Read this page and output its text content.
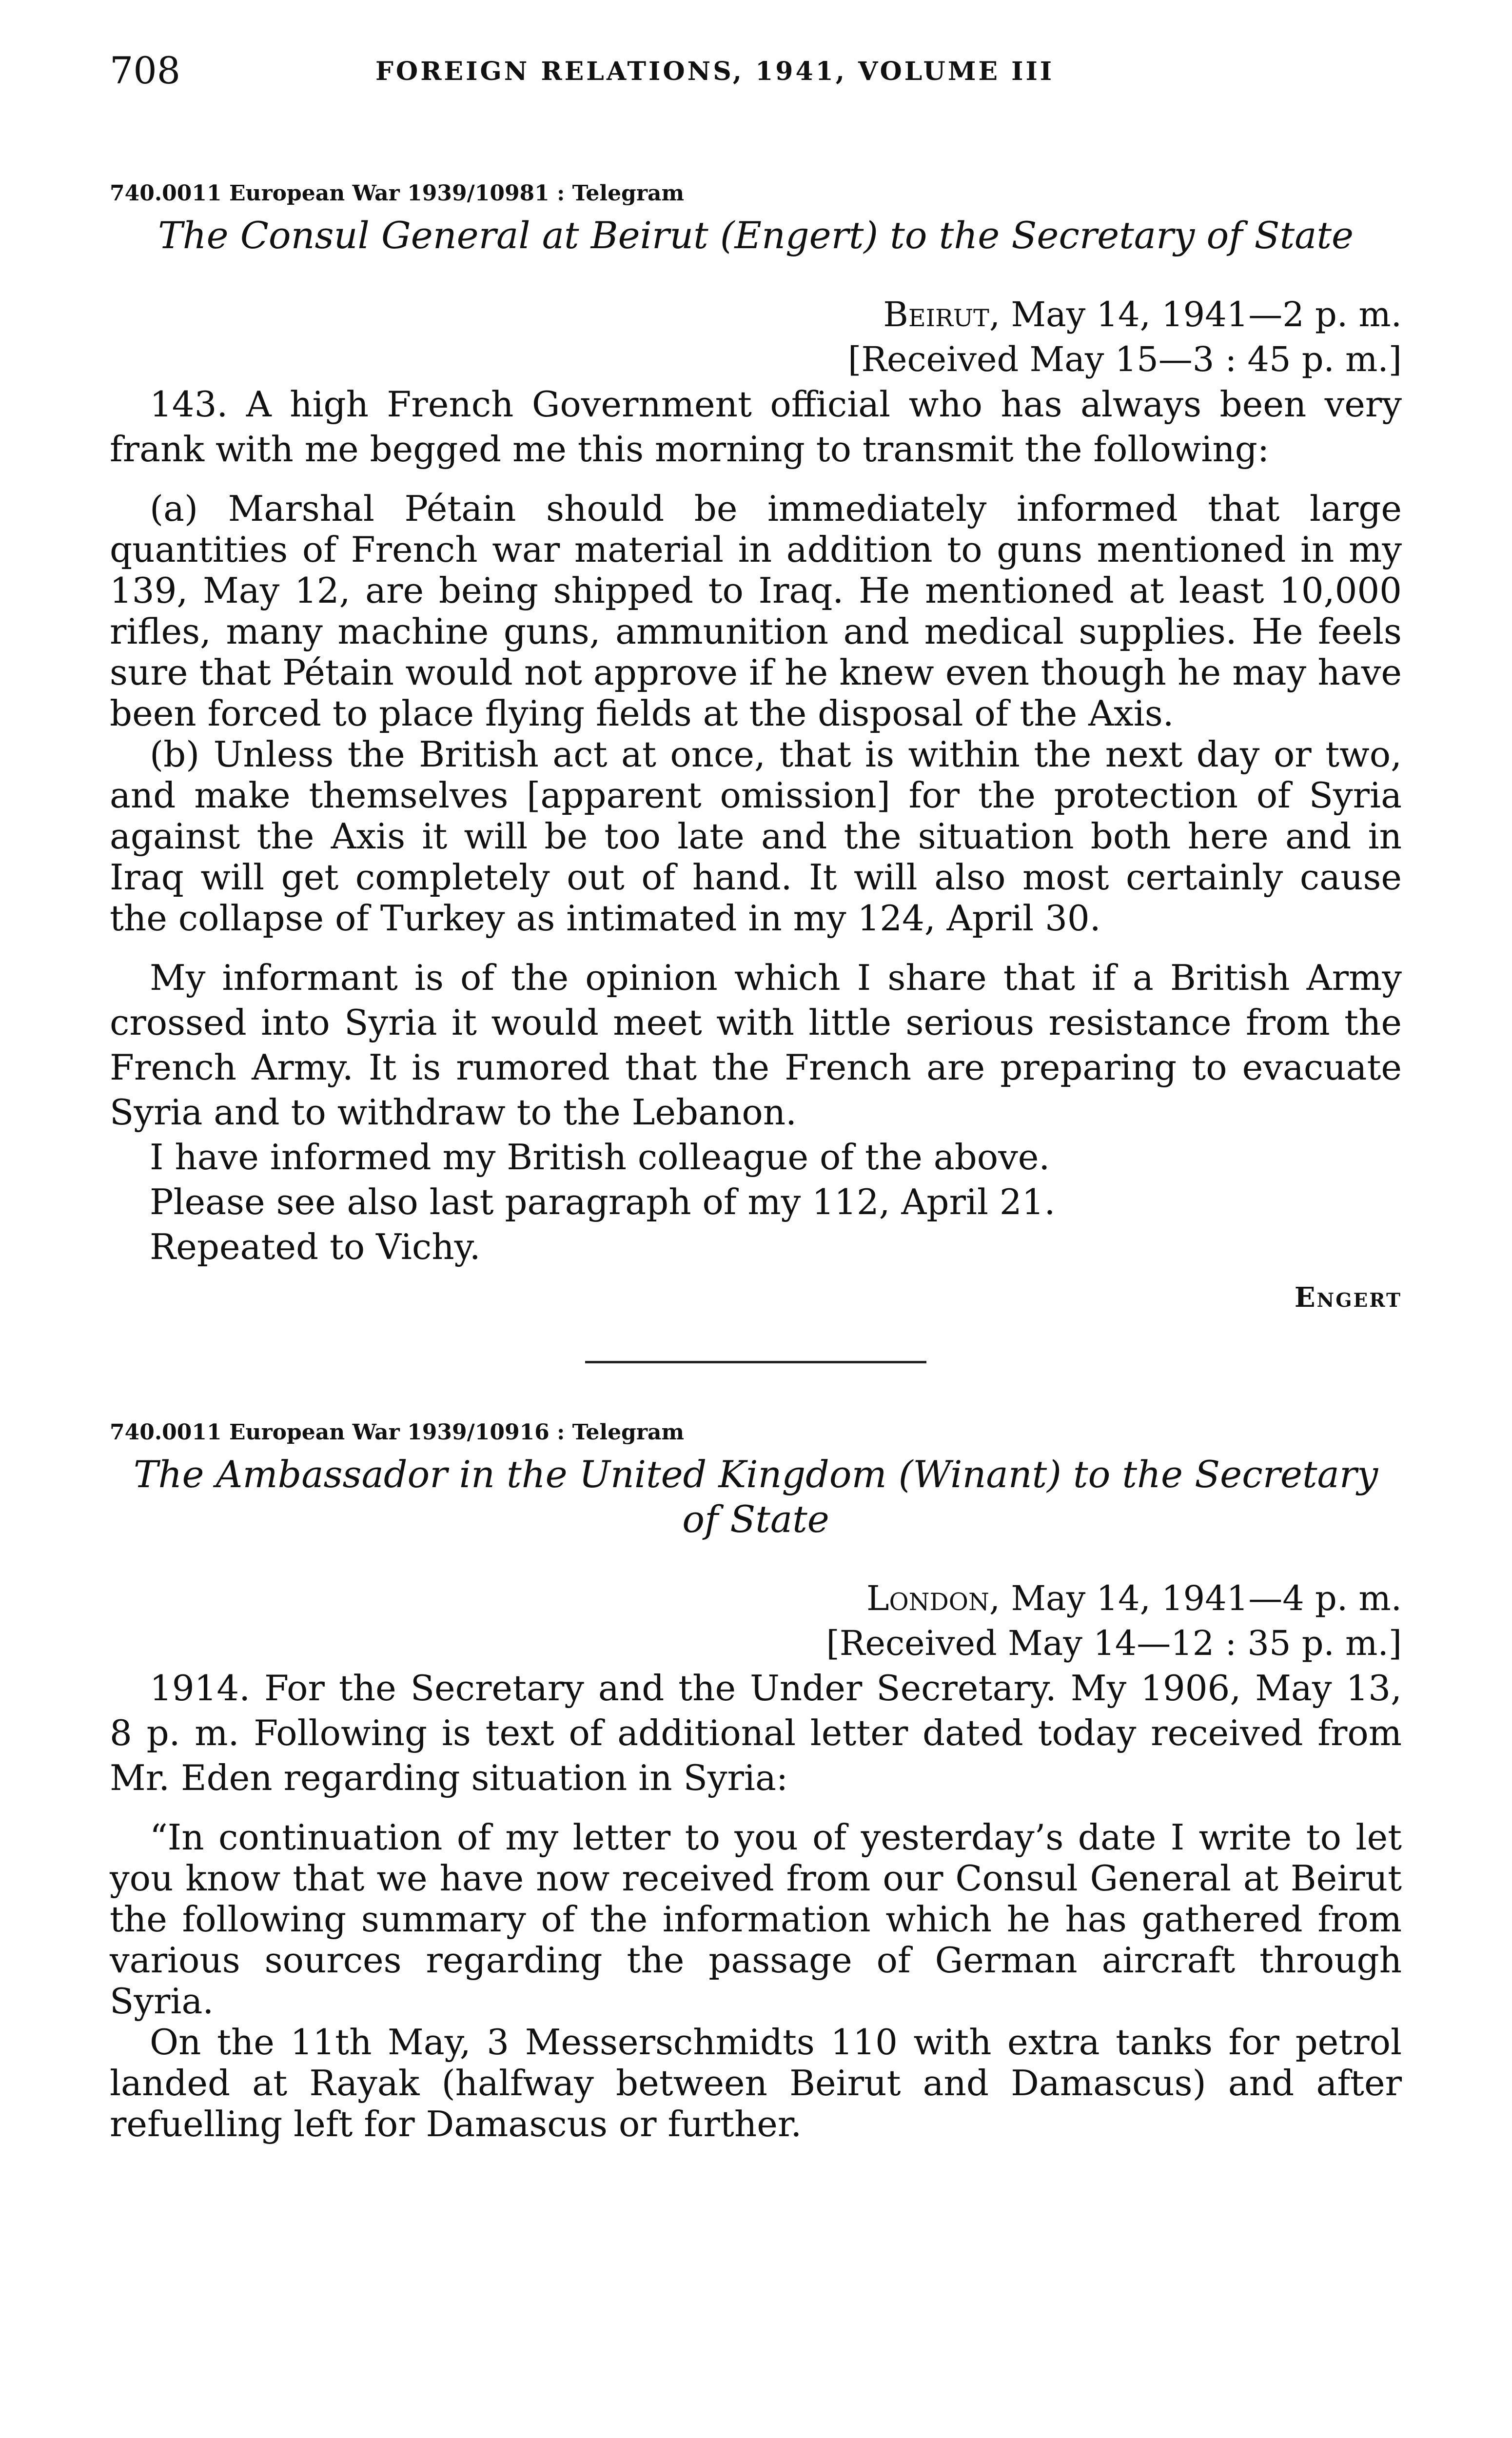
708	FOREIGN RELATIONS, 1941, VOLUME III
740.0011 European War 1939/10981 : Telegram
The Consul General at Beirut (Engert) to the Secretary of State
Beirut, May 14, 1941—2 p. m.
[Received May 15—3 : 45 p. m.]

143. A high French Government official who has always been very frank with me begged me this morning to transmit the following:

(a) Marshal Pétain should be immediately informed that large quantities of French war material in addition to guns mentioned in my 139, May 12, are being shipped to Iraq. He mentioned at least 10,000 rifles, many machine guns, ammunition and medical supplies. He feels sure that Pétain would not approve if he knew even though he may have been forced to place flying fields at the disposal of the Axis.

(b) Unless the British act at once, that is within the next day or two, and make themselves [apparent omission] for the protection of Syria against the Axis it will be too late and the situation both here and in Iraq will get completely out of hand. It will also most certainly cause the collapse of Turkey as intimated in my 124, April 30.

My informant is of the opinion which I share that if a British Army crossed into Syria it would meet with little serious resistance from the French Army. It is rumored that the French are preparing to evacuate Syria and to withdraw to the Lebanon.

I have informed my British colleague of the above.

Please see also last paragraph of my 112, April 21.

Repeated to Vichy.

Engert
740.0011 European War 1939/10916 : Telegram
The Ambassador in the United Kingdom (Winant) to the Secretary of State
London, May 14, 1941—4 p. m.
[Received May 14—12 : 35 p. m.]

1914. For the Secretary and the Under Secretary. My 1906, May 13, 8 p. m. Following is text of additional letter dated today received from Mr. Eden regarding situation in Syria:

“In continuation of my letter to you of yesterday’s date I write to let you know that we have now received from our Consul General at Beirut the following summary of the information which he has gathered from various sources regarding the passage of German aircraft through Syria.

On the 11th May, 3 Messerschmidts 110 with extra tanks for petrol landed at Rayak (halfway between Beirut and Damascus) and after refuelling left for Damascus or further.
